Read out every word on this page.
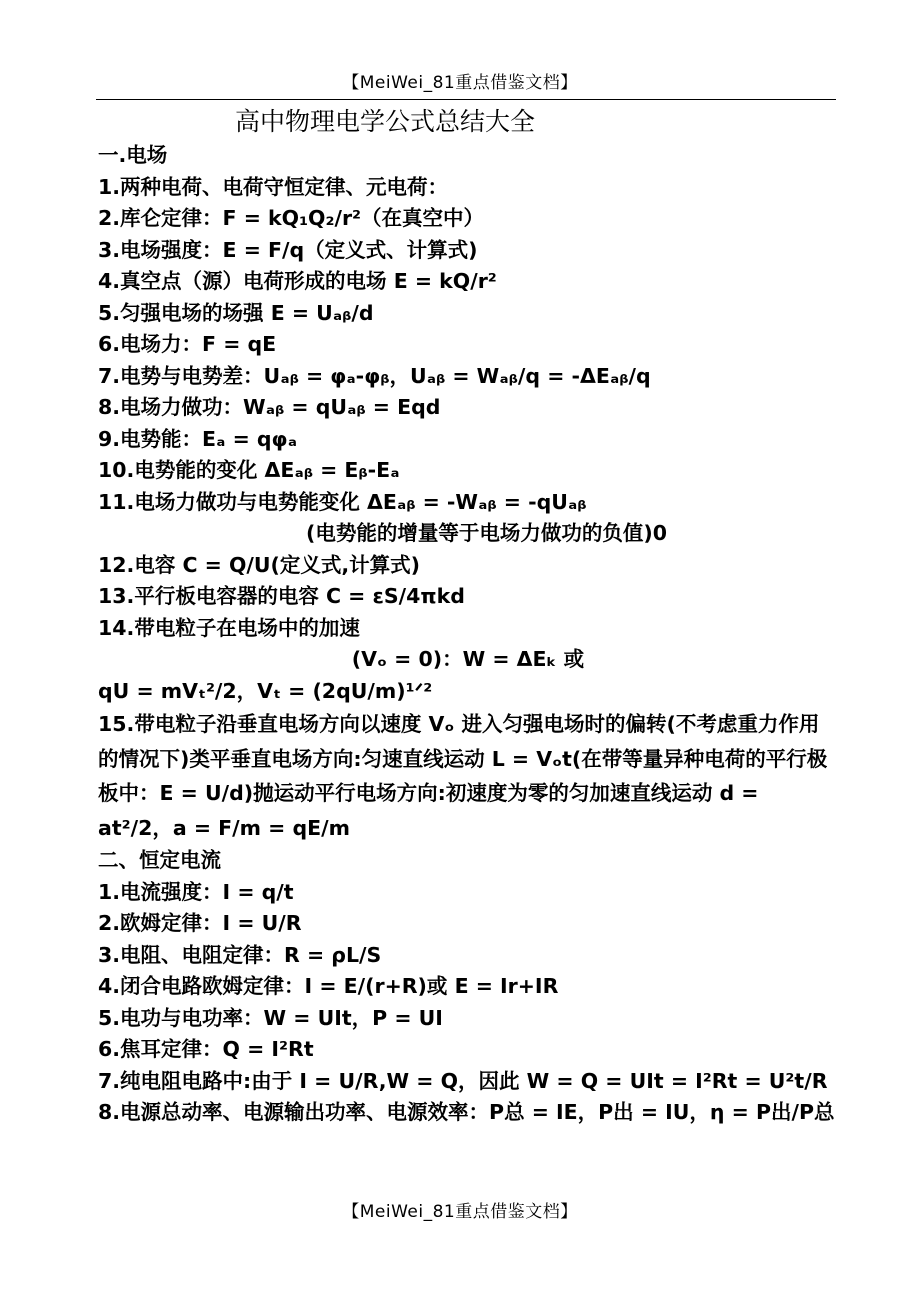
【MeiWei_81重点借鉴文档】
高中物理电学公式总结大全
一.电场
1.两种电荷、电荷守恒定律、元电荷：
2.库仑定律：F = kQ₁Q₂/r²（在真空中）
3.电场强度：E = F/q（定义式、计算式)
4.真空点（源）电荷形成的电场 E = kQ/r²
5.匀强电场的场强 E = Uₐᵦ/d
6.电场力：F = qE
7.电势与电势差：Uₐᵦ = φₐ-φᵦ，Uₐᵦ = Wₐᵦ/q = -ΔEₐᵦ/q
8.电场力做功：Wₐᵦ = qUₐᵦ = Eqd
9.电势能：Eₐ = qφₐ
10.电势能的变化 ΔEₐᵦ = Eᵦ-Eₐ
11.电场力做功与电势能变化 ΔEₐᵦ = -Wₐᵦ = -qUₐᵦ
(电势能的增量等于电场力做功的负值)0
12.电容 C = Q/U(定义式,计算式)
13.平行板电容器的电容 C = εS/4πkd
14.带电粒子在电场中的加速
(Vₒ = 0)：W = ΔEₖ 或
qU = mVₜ²/2，Vₜ = (2qU/m)¹ᐟ²

15.带电粒子沿垂直电场方向以速度 Vₒ 进入匀强电场时的偏转(不考虑重力作用的情况下)类平垂直电场方向:匀速直线运动 L = Vₒt(在带等量异种电荷的平行极板中：E = U/d)抛运动平行电场方向:初速度为零的匀加速直线运动 d = at²/2，a = F/m = qE/m

二、恒定电流
1.电流强度：I = q/t
2.欧姆定律：I = U/R
3.电阻、电阻定律：R = ρL/S
4.闭合电路欧姆定律：I = E/(r+R)或 E = Ir+IR
5.电功与电功率：W = UIt，P = UI
6.焦耳定律：Q = I²Rt
7.纯电阻电路中:由于 I = U/R,W = Q，因此 W = Q = UIt = I²Rt = U²t/R
8.电源总动率、电源输出功率、电源效率：P总 = IE，P出 = IU，η = P出/P总
【MeiWei_81重点借鉴文档】
